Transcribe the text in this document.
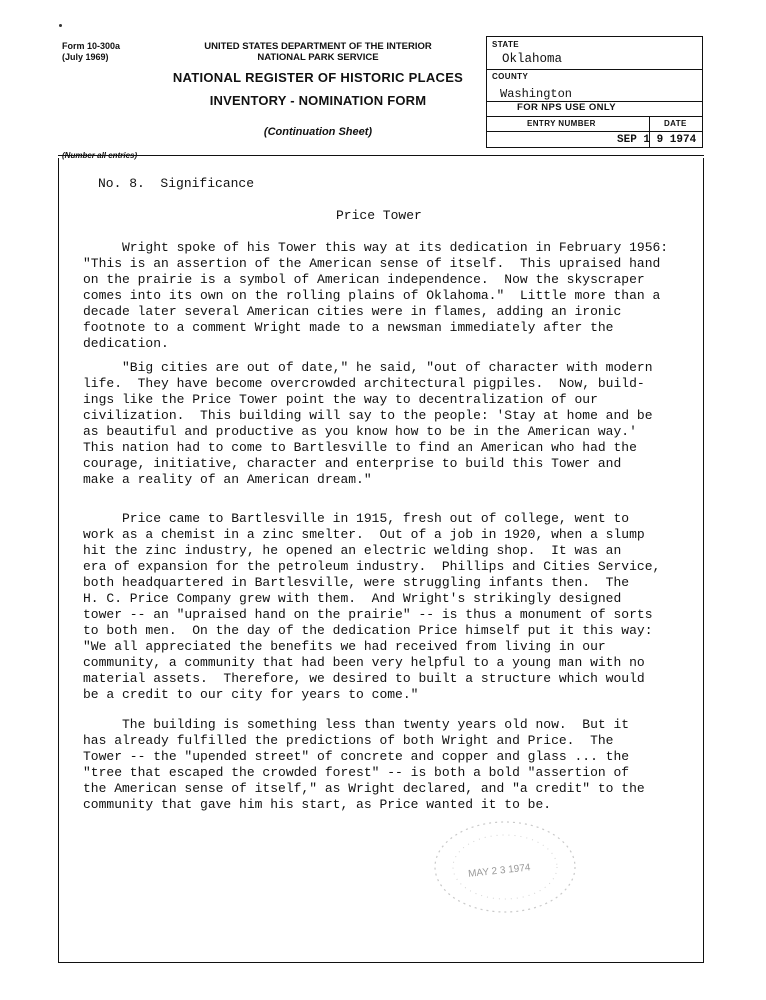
Form 10-300a
(July 1969)
UNITED STATES DEPARTMENT OF THE INTERIOR
NATIONAL PARK SERVICE
NATIONAL REGISTER OF HISTORIC PLACES
INVENTORY - NOMINATION FORM
(Continuation Sheet)
(Number all entries)
STATE
Oklahoma
COUNTY
Washington
FOR NPS USE ONLY
ENTRY NUMBER	DATE
SEP 1 9 1974
No. 8.  Significance
Price Tower
Wright spoke of his Tower this way at its dedication in February 1956:
"This is an assertion of the American sense of itself.  This upraised hand
on the prairie is a symbol of American independence.  Now the skyscraper
comes into its own on the rolling plains of Oklahoma."  Little more than a
decade later several American cities were in flames, adding an ironic
footnote to a comment Wright made to a newsman immediately after the
dedication.
"Big cities are out of date," he said, "out of character with modern
life.  They have become overcrowded architectural pigpiles.  Now, build-
ings like the Price Tower point the way to decentralization of our
civilization.  This building will say to the people: 'Stay at home and be
as beautiful and productive as you know how to be in the American way.'
This nation had to come to Bartlesville to find an American who had the
courage, initiative, character and enterprise to build this Tower and
make a reality of an American dream."
Price came to Bartlesville in 1915, fresh out of college, went to
work as a chemist in a zinc smelter.  Out of a job in 1920, when a slump
hit the zinc industry, he opened an electric welding shop.  It was an
era of expansion for the petroleum industry.  Phillips and Cities Service,
both headquartered in Bartlesville, were struggling infants then.  The
H. C. Price Company grew with them.  And Wright's strikingly designed
tower -- an "upraised hand on the prairie" -- is thus a monument of sorts
to both men.  On the day of the dedication Price himself put it this way:
"We all appreciated the benefits we had received from living in our
community, a community that had been very helpful to a young man with no
material assets.  Therefore, we desired to built a structure which would
be a credit to our city for years to come."
The building is something less than twenty years old now.  But it
has already fulfilled the predictions of both Wright and Price.  The
Tower -- the "upended street" of concrete and copper and glass ... the
"tree that escaped the crowded forest" -- is both a bold "assertion of
the American sense of itself," as Wright declared, and "a credit" to the
community that gave him his start, as Price wanted it to be.
MAY 2 3 1974
